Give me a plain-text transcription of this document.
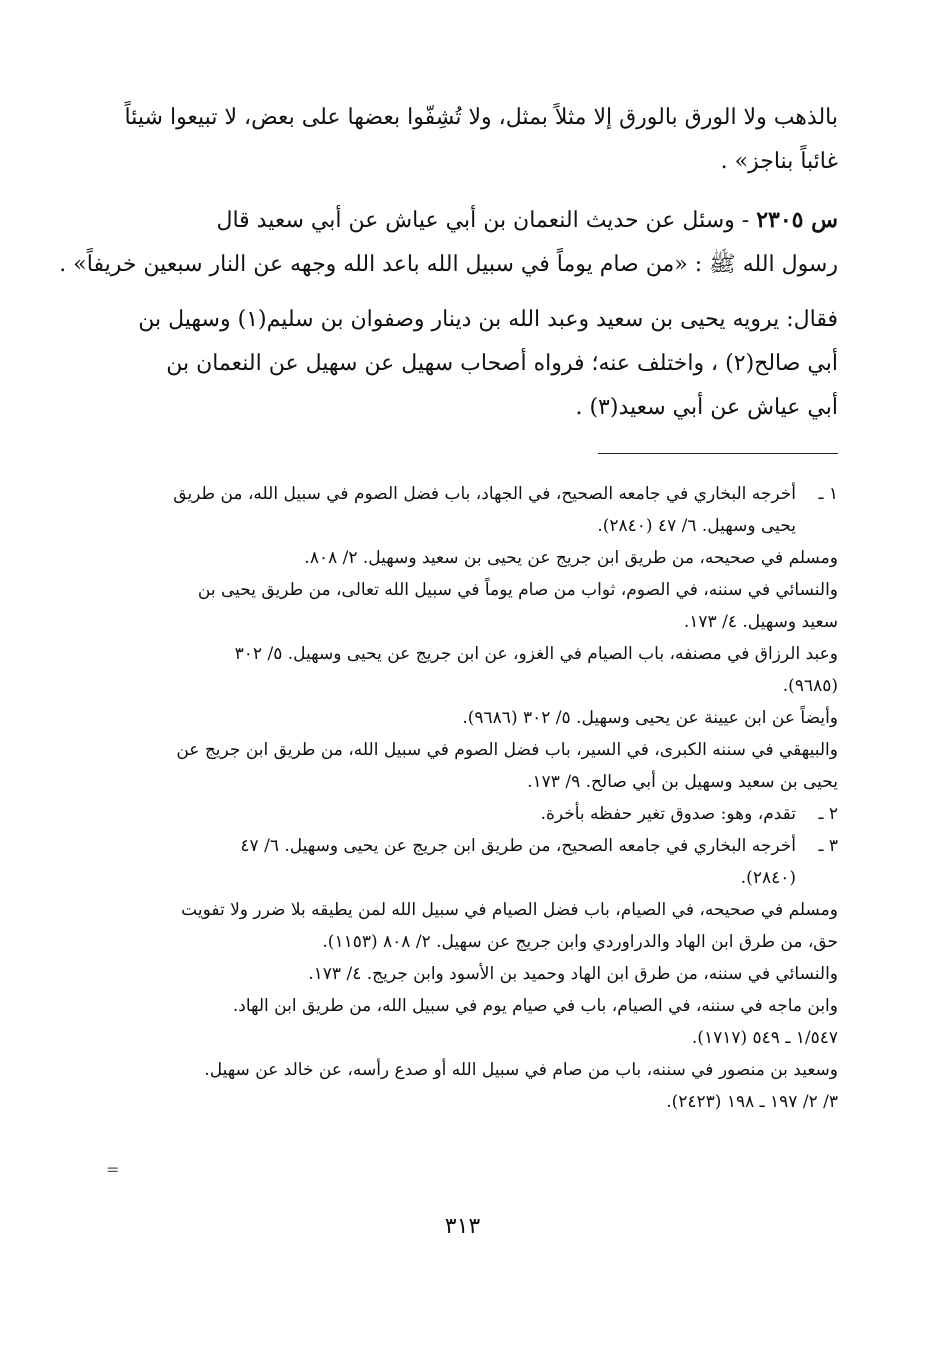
بالذهب ولا الورق بالورق إلا مثلاً بمثل، ولا تُشِفّوا بعضها على بعض، لا تبيعوا شيئاً
غائباً بناجز» .
س ٢٣٠٥ - وسئل عن حديث النعمان بن أبي عياش عن أبي سعيد قال
رسول الله ﷺ : «من صام يوماً في سبيل الله باعد الله وجهه عن النار سبعين خريفاً» .
فقال: يرويه يحيى بن سعيد وعبد الله بن دينار وصفوان بن سليم(١) وسهيل بن
أبي صالح(٢) ، واختلف عنه؛ فرواه أصحاب سهيل عن سهيل عن النعمان بن
أبي عياش عن أبي سعيد(٣) .
١ ـ
أخرجه البخاري في جامعه الصحيح، في الجهاد، باب فضل الصوم في سبيل الله، من طريق
يحيى وسهيل. ٦/ ٤٧ (٢٨٤٠).
ومسلم في صحيحه، من طريق ابن جريج عن يحيى بن سعيد وسهيل. ٢/ ٨٠٨.
والنسائي في سننه، في الصوم، ثواب من صام يوماً في سبيل الله تعالى، من طريق يحيى بن
سعيد وسهيل. ٤/ ١٧٣.
وعبد الرزاق في مصنفه، باب الصيام في الغزو، عن ابن جريج عن يحيى وسهيل. ٥/ ٣٠٢
(٩٦٨٥).
وأيضاً عن ابن عيينة عن يحيى وسهيل. ٥/ ٣٠٢ (٩٦٨٦).
والبيهقي في سننه الكبرى، في السير، باب فضل الصوم في سبيل الله، من طريق ابن جريج عن
يحيى بن سعيد وسهيل بن أبي صالح. ٩/ ١٧٣.
٢ ـ
تقدم، وهو: صدوق تغير حفظه بأخرة.
٣ ـ
أخرجه البخاري في جامعه الصحيح، من طريق ابن جريج عن يحيى وسهيل. ٦/ ٤٧
(٢٨٤٠).
ومسلم في صحيحه، في الصيام، باب فضل الصيام في سبيل الله لمن يطيقه بلا ضرر ولا تفويت
حق، من طرق ابن الهاد والدراوردي وابن جريج عن سهيل. ٢/ ٨٠٨ (١١٥٣).
والنسائي في سننه، من طرق ابن الهاد وحميد بن الأسود وابن جريج. ٤/ ١٧٣.
وابن ماجه في سننه، في الصيام، باب في صيام يوم في سبيل الله، من طريق ابن الهاد.
١/٥٤٧ ـ ٥٤٩ (١٧١٧).
وسعيد بن منصور في سننه، باب من صام في سبيل الله أو صدع رأسه، عن خالد عن سهيل.
٣/ ٢/ ١٩٧ ـ ١٩٨ (٢٤٢٣).
=
٣١٣
